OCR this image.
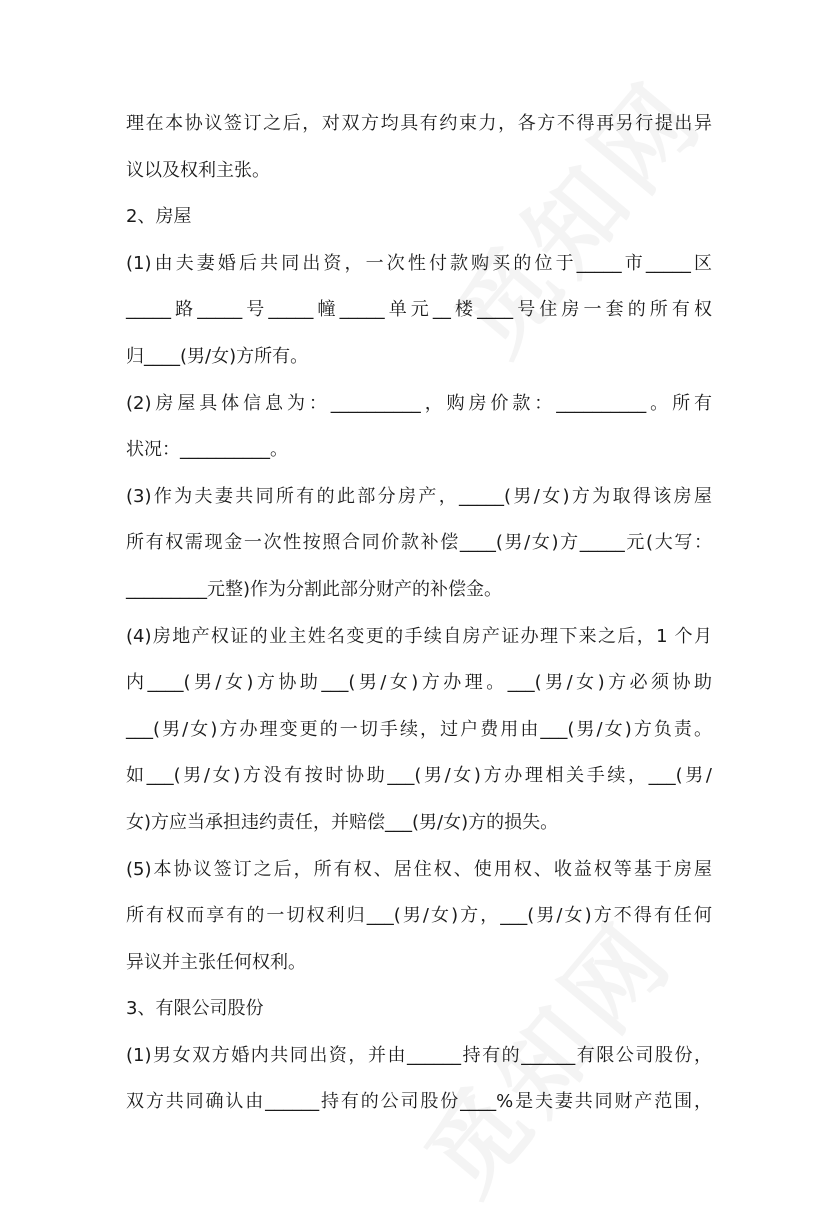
理在本协议签订之后，对双方均具有约束力，各方不得再另行提出异
议以及权利主张。
2、房屋
(1)由夫妻婚后共同出资，一次性付款购买的位于_____市_____区
_____路_____号_____幢_____单元__楼____号住房一套的所有权
归____(男/女)方所有。
(2)房屋具体信息为：__________，购房价款：__________。所有
状况：__________。
(3)作为夫妻共同所有的此部分房产，_____(男/女)方为取得该房屋
所有权需现金一次性按照合同价款补偿____(男/女)方_____元(大写：
_________元整)作为分割此部分财产的补偿金。
(4)房地产权证的业主姓名变更的手续自房产证办理下来之后，1 个月
内____(男/女)方协助___(男/女)方办理。___(男/女)方必须协助
___(男/女)方办理变更的一切手续，过户费用由___(男/女)方负责。
如___(男/女)方没有按时协助___(男/女)方办理相关手续，___(男/
女)方应当承担违约责任，并赔偿___(男/女)方的损失。
(5)本协议签订之后，所有权、居住权、使用权、收益权等基于房屋
所有权而享有的一切权利归___(男/女)方，___(男/女)方不得有任何
异议并主张任何权利。
3、有限公司股份
(1)男女双方婚内共同出资，并由______持有的______有限公司股份，
双方共同确认由______持有的公司股份____%是夫妻共同财产范围，
